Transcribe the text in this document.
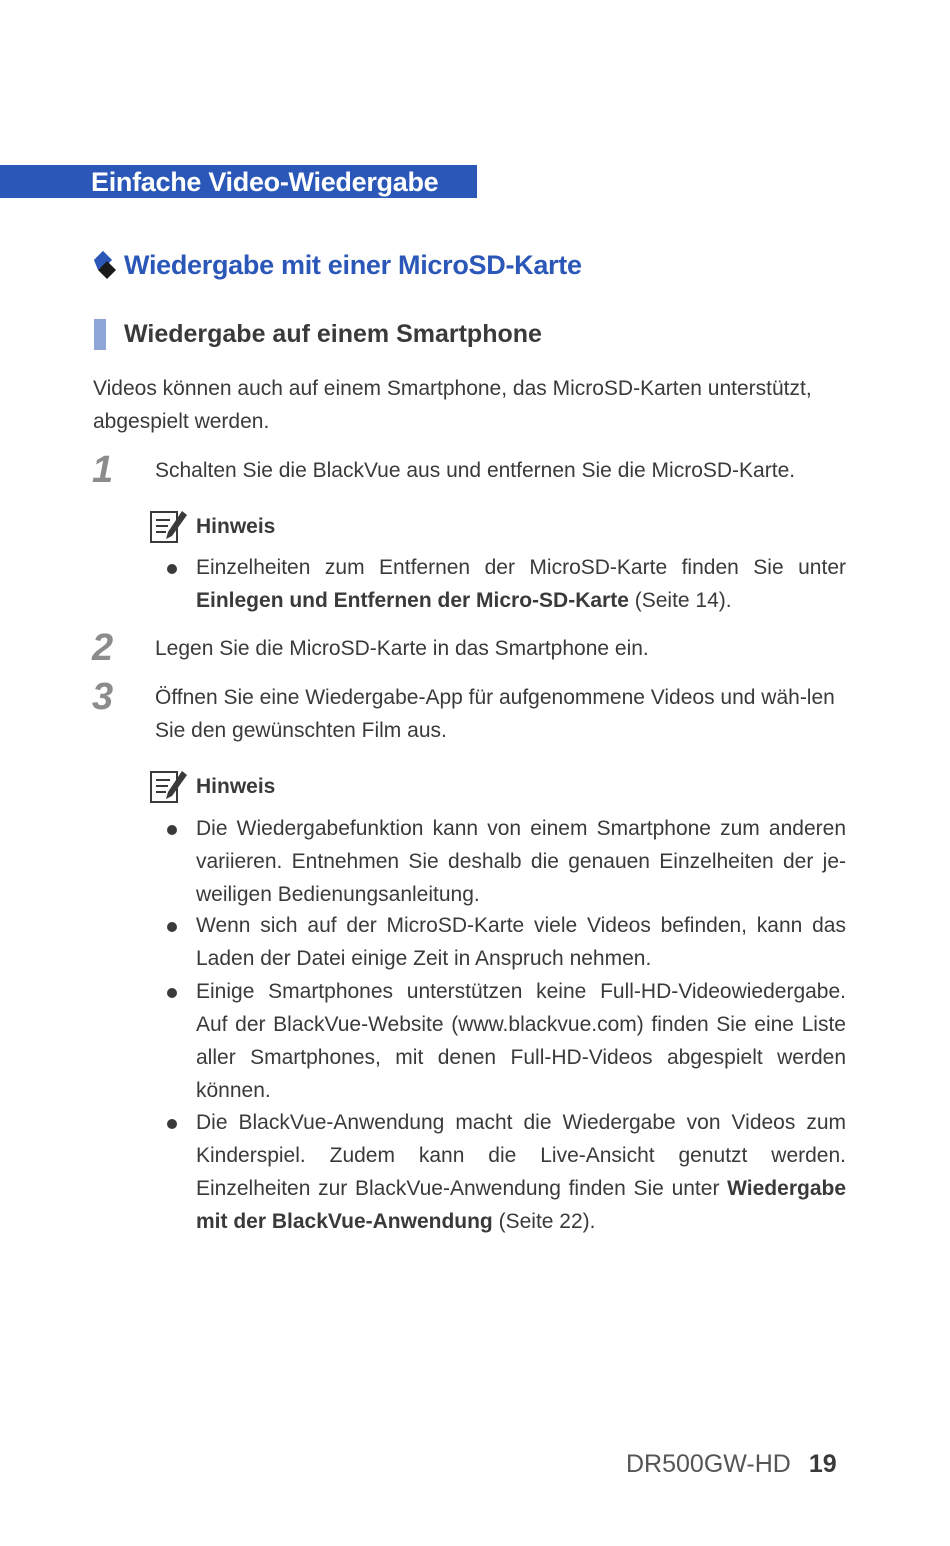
Einfache Video-Wiedergabe
Wiedergabe mit einer MicroSD-Karte
Wiedergabe auf einem Smartphone
Videos können auch auf einem Smartphone, das MicroSD-Karten unterstützt, abgespielt werden.
1 Schalten Sie die BlackVue aus und entfernen Sie die MicroSD-Karte.
Hinweis
Einzelheiten zum Entfernen der MicroSD-Karte finden Sie unter Einlegen und Entfernen der Micro-SD-Karte (Seite 14).
2 Legen Sie die MicroSD-Karte in das Smartphone ein.
3 Öffnen Sie eine Wiedergabe-App für aufgenommene Videos und wäh-len Sie den gewünschten Film aus.
Hinweis
Die Wiedergabefunktion kann von einem Smartphone zum anderen variieren. Entnehmen Sie deshalb die genauen Einzelheiten der je-weiligen Bedienungsanleitung.
Wenn sich auf der MicroSD-Karte viele Videos befinden, kann das Laden der Datei einige Zeit in Anspruch nehmen.
Einige Smartphones unterstützen keine Full-HD-Videowiedergabe. Auf der BlackVue-Website (www.blackvue.com) finden Sie eine Liste aller Smartphones, mit denen Full-HD-Videos abgespielt werden können.
Die BlackVue-Anwendung macht die Wiedergabe von Videos zum Kinderspiel. Zudem kann die Live-Ansicht genutzt werden. Einzelheiten zur BlackVue-Anwendung finden Sie unter Wiedergabe mit der BlackVue-Anwendung (Seite 22).
DR500GW-HD 19
